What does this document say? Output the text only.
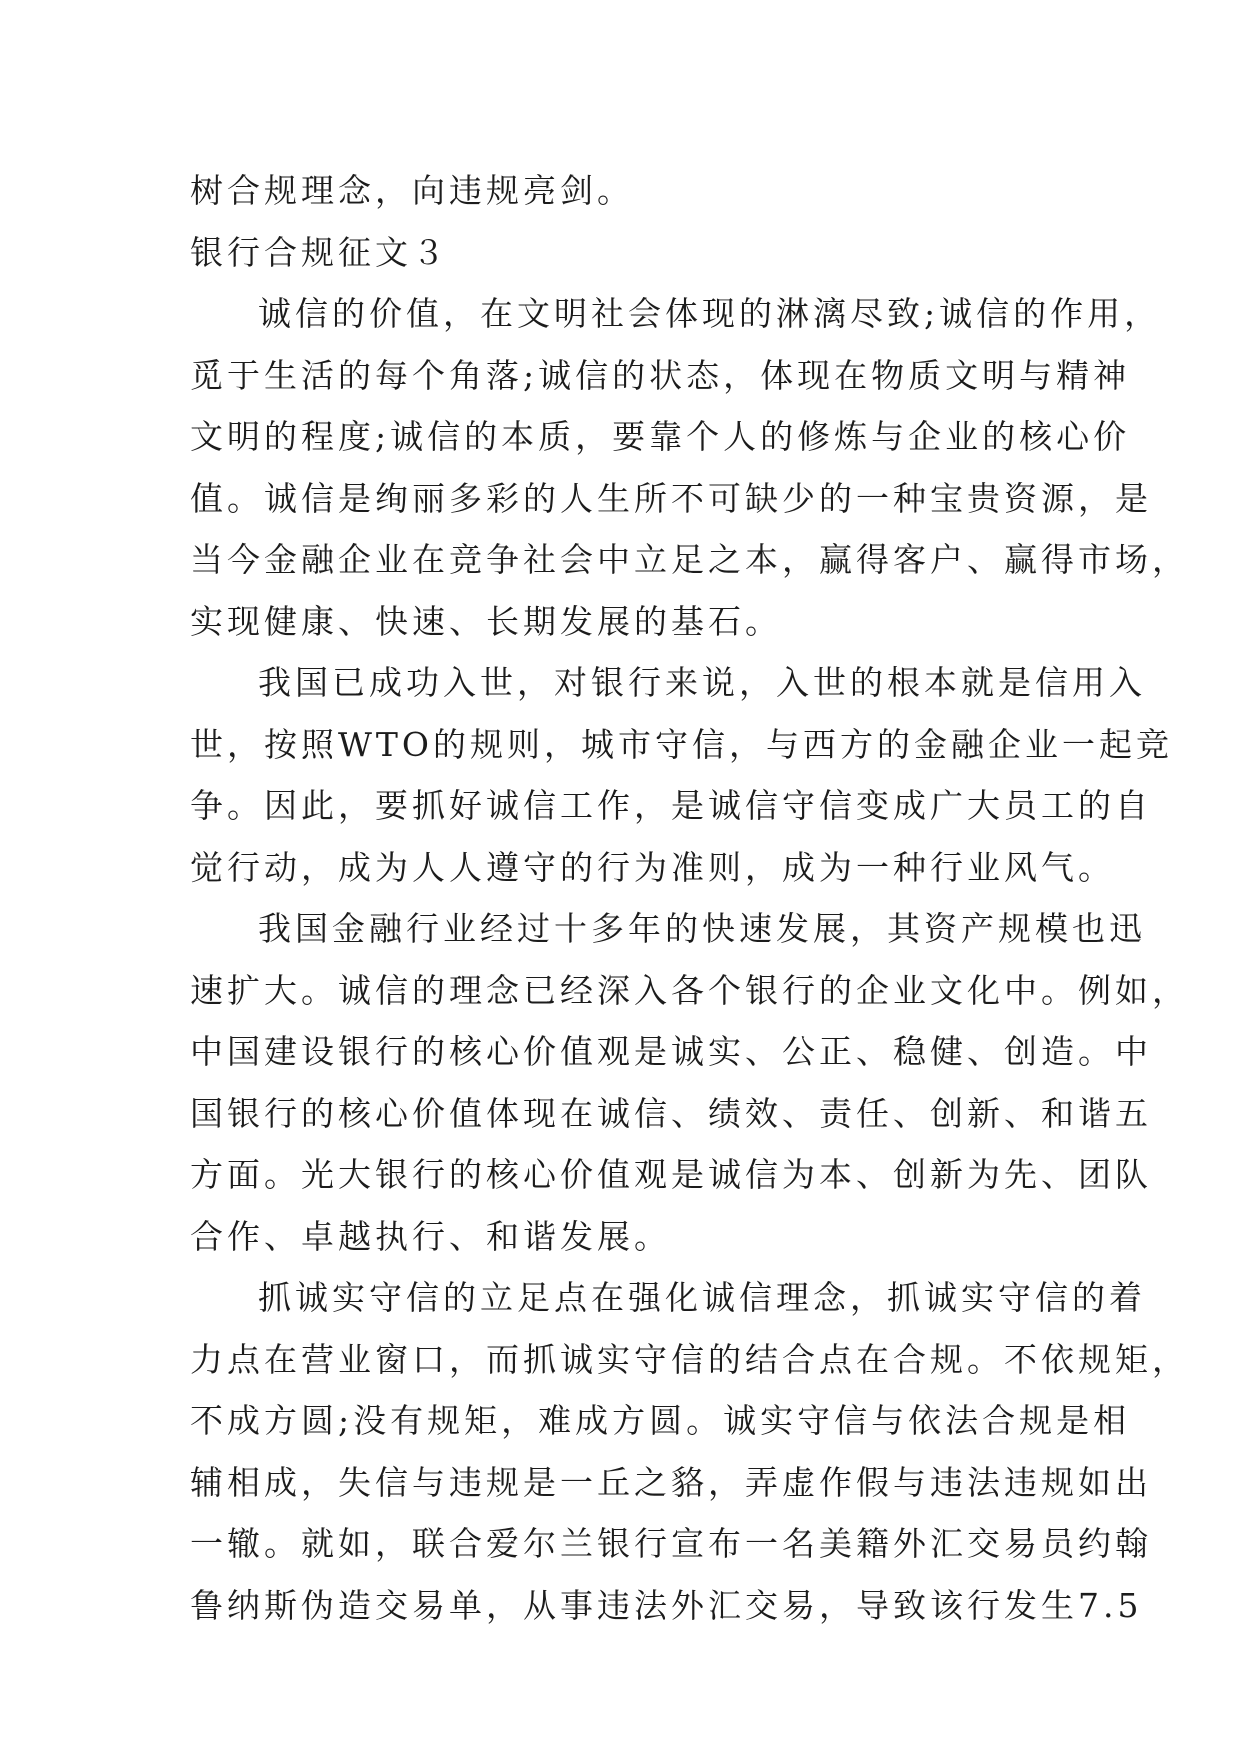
树合规理念，向违规亮剑。
银行合规征文３
诚信的价值，在文明社会体现的淋漓尽致;诚信的作用，
觅于生活的每个角落;诚信的状态，体现在物质文明与精神
文明的程度;诚信的本质，要靠个人的修炼与企业的核心价
值。诚信是绚丽多彩的人生所不可缺少的一种宝贵资源，是
当今金融企业在竞争社会中立足之本，赢得客户、赢得市场，
实现健康、快速、长期发展的基石。
我国已成功入世，对银行来说，入世的根本就是信用入
世，按照WTO的规则，城市守信，与西方的金融企业一起竞
争。因此，要抓好诚信工作，是诚信守信变成广大员工的自
觉行动，成为人人遵守的行为准则，成为一种行业风气。
我国金融行业经过十多年的快速发展，其资产规模也迅
速扩大。诚信的理念已经深入各个银行的企业文化中。例如，
中国建设银行的核心价值观是诚实、公正、稳健、创造。中
国银行的核心价值体现在诚信、绩效、责任、创新、和谐五
方面。光大银行的核心价值观是诚信为本、创新为先、团队
合作、卓越执行、和谐发展。
抓诚实守信的立足点在强化诚信理念，抓诚实守信的着
力点在营业窗口，而抓诚实守信的结合点在合规。不依规矩，
不成方圆;没有规矩，难成方圆。诚实守信与依法合规是相
辅相成，失信与违规是一丘之貉，弄虚作假与违法违规如出
一辙。就如，联合爱尔兰银行宣布一名美籍外汇交易员约翰
鲁纳斯伪造交易单，从事违法外汇交易，导致该行发生7.5
